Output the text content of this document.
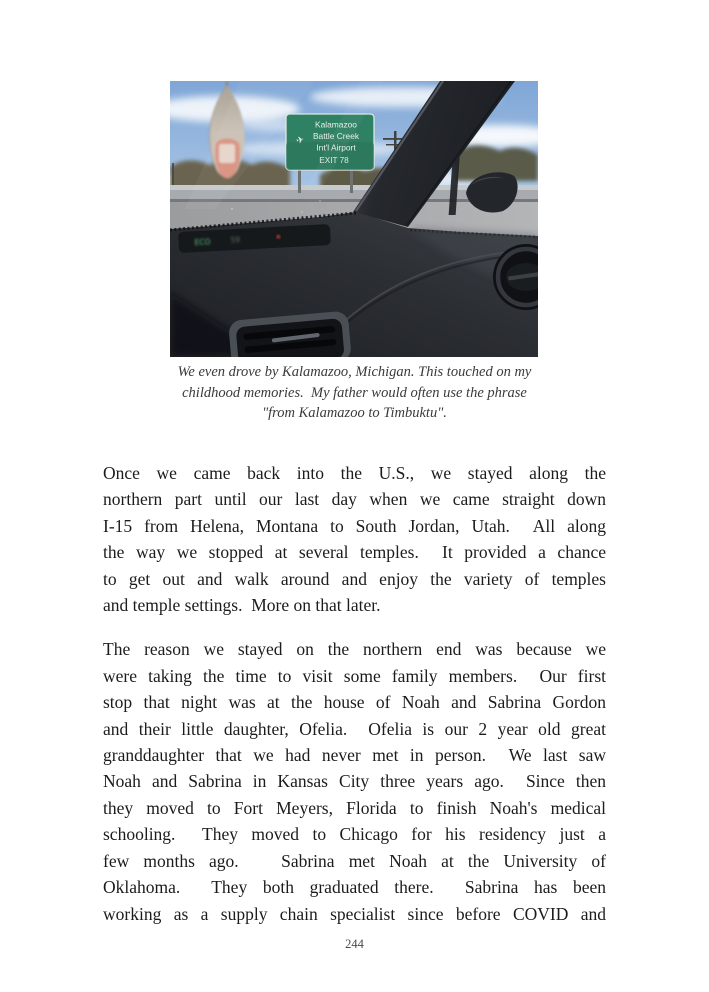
✈
Kalamazoo
Battle Creek
Int'l Airport
EXIT 78
ECO	59
We even drove by Kalamazoo, Michigan. This touched on my
childhood memories.  My father would often use the phrase
"from Kalamazoo to Timbuktu".

Once we came back into the U.S., we stayed along the
northern part until our last day when we came straight down
I-15 from Helena, Montana to South Jordan, Utah.  All along
the way we stopped at several temples.  It provided a chance
to get out and walk around and enjoy the variety of temples
and temple settings.  More on that later.

The reason we stayed on the northern end was because we
were taking the time to visit some family members.  Our first
stop that night was at the house of Noah and Sabrina Gordon
and their little daughter, Ofelia.  Ofelia is our 2 year old great
granddaughter that we had never met in person.  We last saw
Noah and Sabrina in Kansas City three years ago.  Since then
they moved to Fort Meyers, Florida to finish Noah's medical
schooling.  They moved to Chicago for his residency just a
few months ago.   Sabrina met Noah at the University of
Oklahoma.  They both graduated there.  Sabrina has been
working as a supply chain specialist since before COVID and

244
